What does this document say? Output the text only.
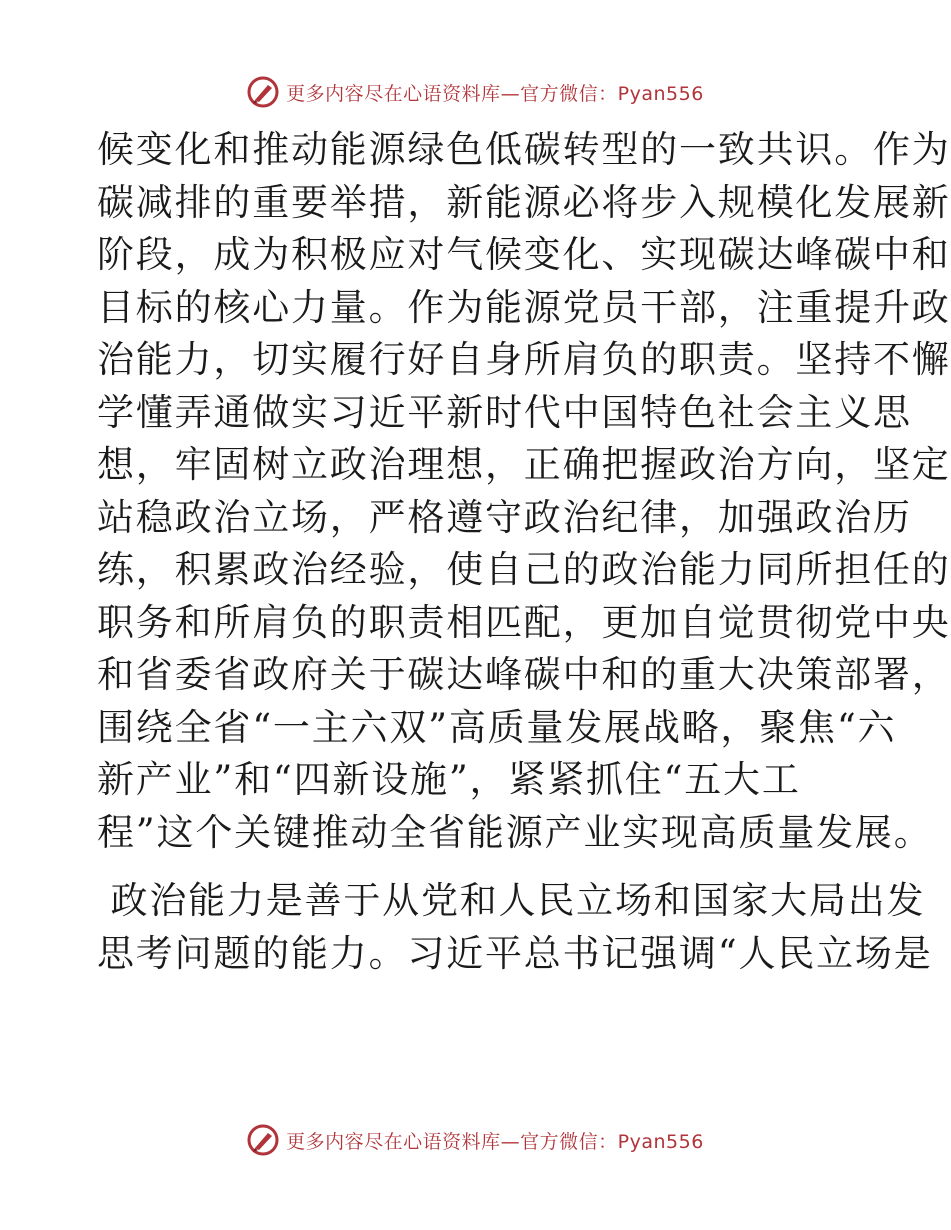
更多内容尽在心语资料库—官方微信：Pyan556
候变化和推动能源绿色低碳转型的一致共识。作为
碳减排的重要举措，新能源必将步入规模化发展新
阶段，成为积极应对气候变化、实现碳达峰碳中和
目标的核心力量。作为能源党员干部，注重提升政
治能力，切实履行好自身所肩负的职责。坚持不懈
学懂弄通做实习近平新时代中国特色社会主义思
想，牢固树立政治理想，正确把握政治方向，坚定
站稳政治立场，严格遵守政治纪律，加强政治历
练，积累政治经验，使自己的政治能力同所担任的
职务和所肩负的职责相匹配，更加自觉贯彻党中央
和省委省政府关于碳达峰碳中和的重大决策部署，
围绕全省“一主六双”高质量发展战略，聚焦“六
新产业”和“四新设施”，紧紧抓住“五大工
程”这个关键推动全省能源产业实现高质量发展。
政治能力是善于从党和人民立场和国家大局出发
思考问题的能力。习近平总书记强调“人民立场是
更多内容尽在心语资料库—官方微信：Pyan556
